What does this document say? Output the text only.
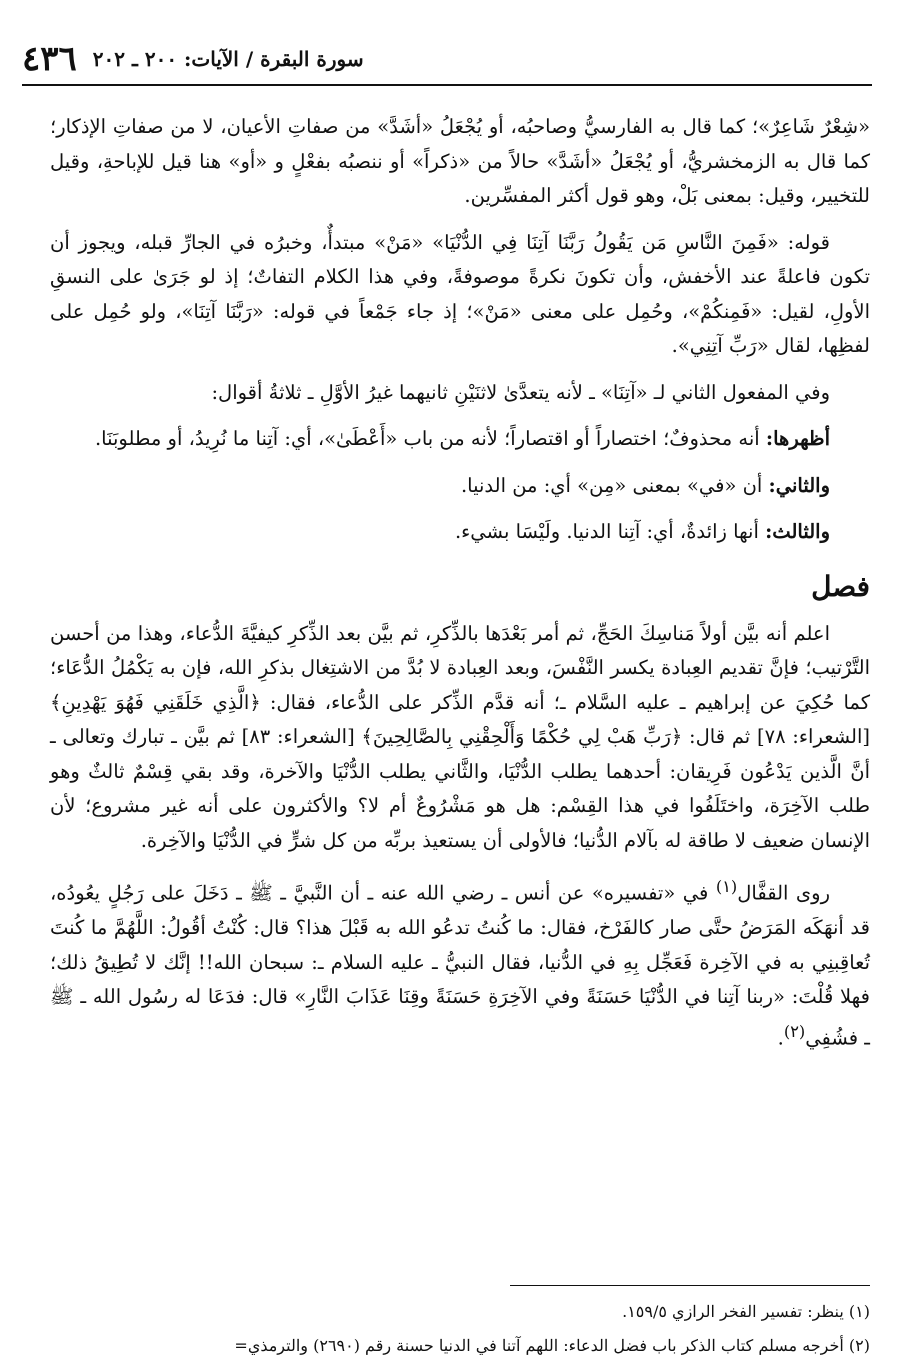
٤٣٦ سورة البقرة / الآيات: ٢٠٠ ـ ٢٠٢

«شِعْرٌ شَاعِرٌ»؛ كما قال به الفارسيُّ وصاحبُه، أو يُجْعَلُ «أشَدَّ» من صفاتِ الأعيان، لا من صفاتِ الإذكار؛ كما قال به الزمخشريُّ، أو يُجْعَلُ «أشَدَّ» حالاً من «ذكراً» أو ننصبُه بفعْلٍ و «أو» هنا قيل للإباحةِ، وقيل للتخيير، وقيل: بمعنى بَلْ، وهو قول أكثر المفسِّرين.

قوله: «فَمِنَ النَّاسِ مَن يَقُولُ رَبَّنَا آتِنَا فِي الدُّنْيَا» «مَنْ» مبتدأٌ، وخبرُه في الجارِّ قبله، ويجوز أن تكون فاعلةً عند الأخفش، وأن تكونَ نكرةً موصوفةً، وفي هذا الكلام التفاتٌ؛ إذ لو جَرَىٰ على النسقِ الأولِ، لقيل: «فَمِنكُمْ»، وحُمِل على معنى «مَنْ»؛ إذ جاء جَمْعاً في قوله: «رَبَّنَا آتِنَا»، ولو حُمِل على لفظِها، لقال «رَبِّ آتِنِي».

وفي المفعول الثاني لـ «آتِنَا» ـ لأنه يتعدَّىٰ لاثنَيْنِ ثانيهما غيرُ الأوَّلِ ـ ثلاثةُ أقوال:

أظهرها: أنه محذوفٌ؛ اختصاراً أو اقتصاراً؛ لأنه من باب «أَعْطَىٰ»، أي: آتِنا ما نُرِيدُ، أو مطلوبَنَا.

والثاني: أن «في» بمعنى «مِن» أي: من الدنيا.

والثالث: أنها زائدةٌ، أي: آتِنا الدنيا. ولَيْسَا بشيء.

فصل

اعلم أنه بيَّن أولاً مَناسِكَ الحَجِّ، ثم أمر بَعْدَها بالذِّكرِ، ثم بيَّن بعد الذِّكرِ كيفيَّةَ الدُّعاء، وهذا من أحسن التَّرْتيب؛ فإنَّ تقديم العِبادة يكسر النَّفْسَ، وبعد العِبادة لا بُدَّ من الاشتِغال بذكرِ الله، فإن به يَكْمُلُ الدُّعَاء؛ كما حُكِيَ عن إبراهيم ـ عليه السَّلام ـ؛ أنه قدَّم الذِّكر على الدُّعاء، فقال: ﴿الَّذِي خَلَقَنِي فَهُوَ يَهْدِينِ﴾ [الشعراء: ٧٨] ثم قال: ﴿رَبِّ هَبْ لِي حُكْمًا وَأَلْحِقْنِي بِالصَّالِحِينَ﴾ [الشعراء: ٨٣] ثم بيَّن ـ تبارك وتعالى ـ أنَّ الَّذين يَدْعُون فَرِيقان: أحدهما يطلب الدُّنْيَا، والثَّاني يطلب الدُّنْيَا والآخرة، وقد بقي قِسْمٌ ثالثٌ وهو طلب الآخِرَة، واختَلَفُوا في هذا القِسْم: هل هو مَشْرُوعٌ أم لا؟ والأكثرون على أنه غير مشروع؛ لأن الإنسان ضعيف لا طاقة له بآلام الدُّنيا؛ فالأولى أن يستعيذ بربِّه من كل شرٍّ في الدُّنْيَا والآخِرة.

روى القفَّال$^{(١)}$ في «تفسيره» عن أنس ـ رضي الله عنه ـ أن النَّبيَّ ـ ﷺ ـ دَخَلَ على رَجُلٍ يعُودُه، قد أنهَكَه المَرَضُ حتَّى صار كالفَرْخ، فقال: ما كُنتُ تدعُو الله به قَبْلَ هذا؟ قال: كُنْتُ أقُولُ: اللَّهُمَّ ما كُنتَ تُعاقِبنِي به في الآخِرة فَعَجِّل بِهِ في الدُّنيا، فقال النبيُّ ـ عليه السلام ـ: سبحان الله!! إنَّك لا تُطِيقُ ذلك؛ فهلا قُلْتَ: «ربنا آتِنا في الدُّنْيَا حَسَنَةً وفي الآخِرَةِ حَسَنَةً وقِنَا عَذَابَ النَّارِ» قال: فدَعَا له رسُول الله ـ ﷺ ـ فشُفِي$^{(٢)}$.

(١) ينظر: تفسير الفخر الرازي ١٥٩/٥.

(٢) أخرجه مسلم كتاب الذكر باب فضل الدعاء: اللهم آتنا في الدنيا حسنة رقم (٢٦٩٠) والترمذي=
